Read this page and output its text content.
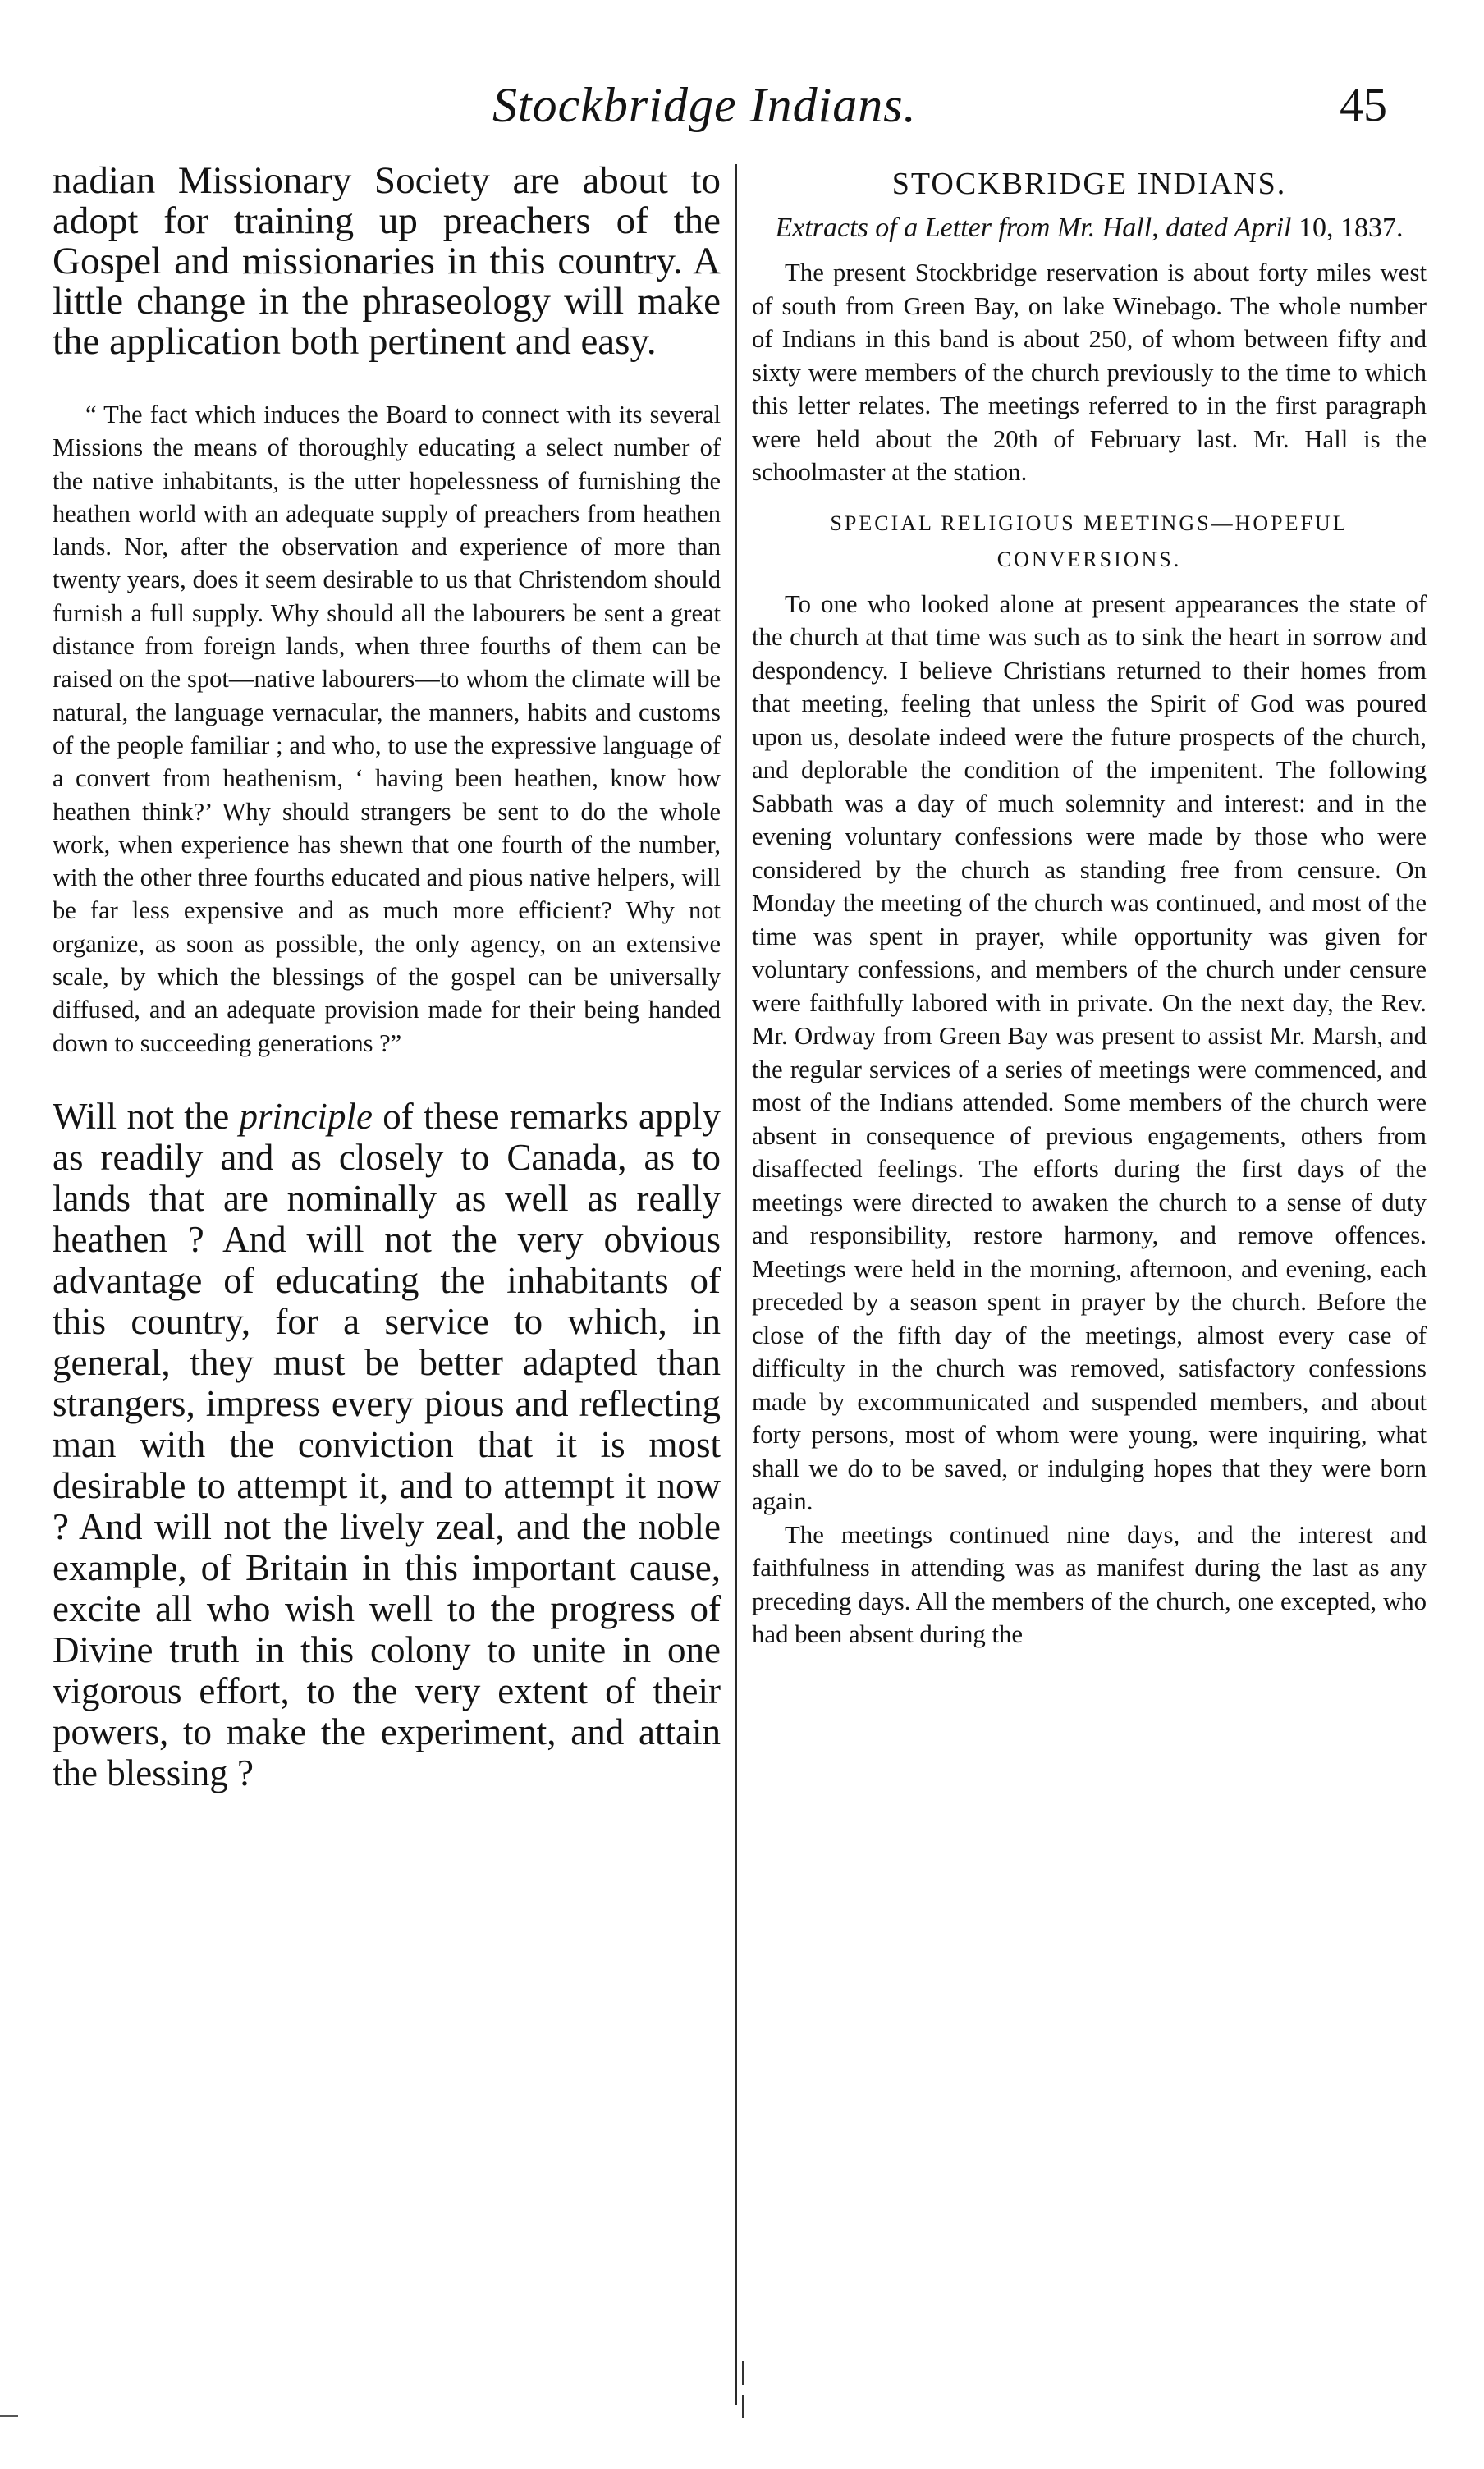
Stockbridge Indians.	45

nadian Missionary Society are about to adopt for training up preachers of the Gospel and missionaries in this country. A little change in the phraseology will make the application both pertinent and easy.

“ The fact which induces the Board to connect with its several Missions the means of thoroughly educating a select number of the native inhabitants, is the utter hopelessness of furnishing the heathen world with an adequate supply of preachers from heathen lands. Nor, after the observation and experience of more than twenty years, does it seem desirable to us that Christendom should furnish a full supply. Why should all the labourers be sent a great distance from foreign lands, when three fourths of them can be raised on the spot—native labourers—to whom the climate will be natural, the language vernacular, the manners, habits and customs of the people familiar ; and who, to use the expressive language of a convert from heathenism, ‘ having been heathen, know how heathen think?’ Why should strangers be sent to do the whole work, when experience has shewn that one fourth of the number, with the other three fourths educated and pious native helpers, will be far less expensive and as much more efficient? Why not organize, as soon as possible, the only agency, on an extensive scale, by which the blessings of the gospel can be universally diffused, and an adequate provision made for their being handed down to succeeding generations ?”

Will not the principle of these remarks apply as readily and as closely to Canada, as to lands that are nominally as well as really heathen ? And will not the very obvious advantage of educating the inhabitants of this country, for a service to which, in general, they must be better adapted than strangers, impress every pious and reflecting man with the conviction that it is most desirable to attempt it, and to attempt it now ? And will not the lively zeal, and the noble example, of Britain in this important cause, excite all who wish well to the progress of Divine truth in this colony to unite in one vigorous effort, to the very extent of their powers, to make the experiment, and attain the blessing ?

STOCKBRIDGE INDIANS.
Extracts of a Letter from Mr. Hall, dated April 10, 1837.

The present Stockbridge reservation is about forty miles west of south from Green Bay, on lake Winebago. The whole number of Indians in this band is about 250, of whom between fifty and sixty were members of the church previously to the time to which this letter relates. The meetings referred to in the first paragraph were held about the 20th of February last. Mr. Hall is the schoolmaster at the station.

SPECIAL RELIGIOUS MEETINGS—HOPEFUL CONVERSIONS.

To one who looked alone at present appearances the state of the church at that time was such as to sink the heart in sorrow and despondency. I believe Christians returned to their homes from that meeting, feeling that unless the Spirit of God was poured upon us, desolate indeed were the future prospects of the church, and deplorable the condition of the impenitent. The following Sabbath was a day of much solemnity and interest: and in the evening voluntary confessions were made by those who were considered by the church as standing free from censure. On Monday the meeting of the church was continued, and most of the time was spent in prayer, while opportunity was given for voluntary confessions, and members of the church under censure were faithfully labored with in private. On the next day, the Rev. Mr. Ordway from Green Bay was present to assist Mr. Marsh, and the regular services of a series of meetings were commenced, and most of the Indians attended. Some members of the church were absent in consequence of previous engagements, others from disaffected feelings. The efforts during the first days of the meetings were directed to awaken the church to a sense of duty and responsibility, restore harmony, and remove offences. Meetings were held in the morning, afternoon, and evening, each preceded by a season spent in prayer by the church. Before the close of the fifth day of the meetings, almost every case of difficulty in the church was removed, satisfactory confessions made by excommunicated and suspended members, and about forty persons, most of whom were young, were inquiring, what shall we do to be saved, or indulging hopes that they were born again.

The meetings continued nine days, and the interest and faithfulness in attending was as manifest during the last as any preceding days. All the members of the church, one excepted, who had been absent during the
